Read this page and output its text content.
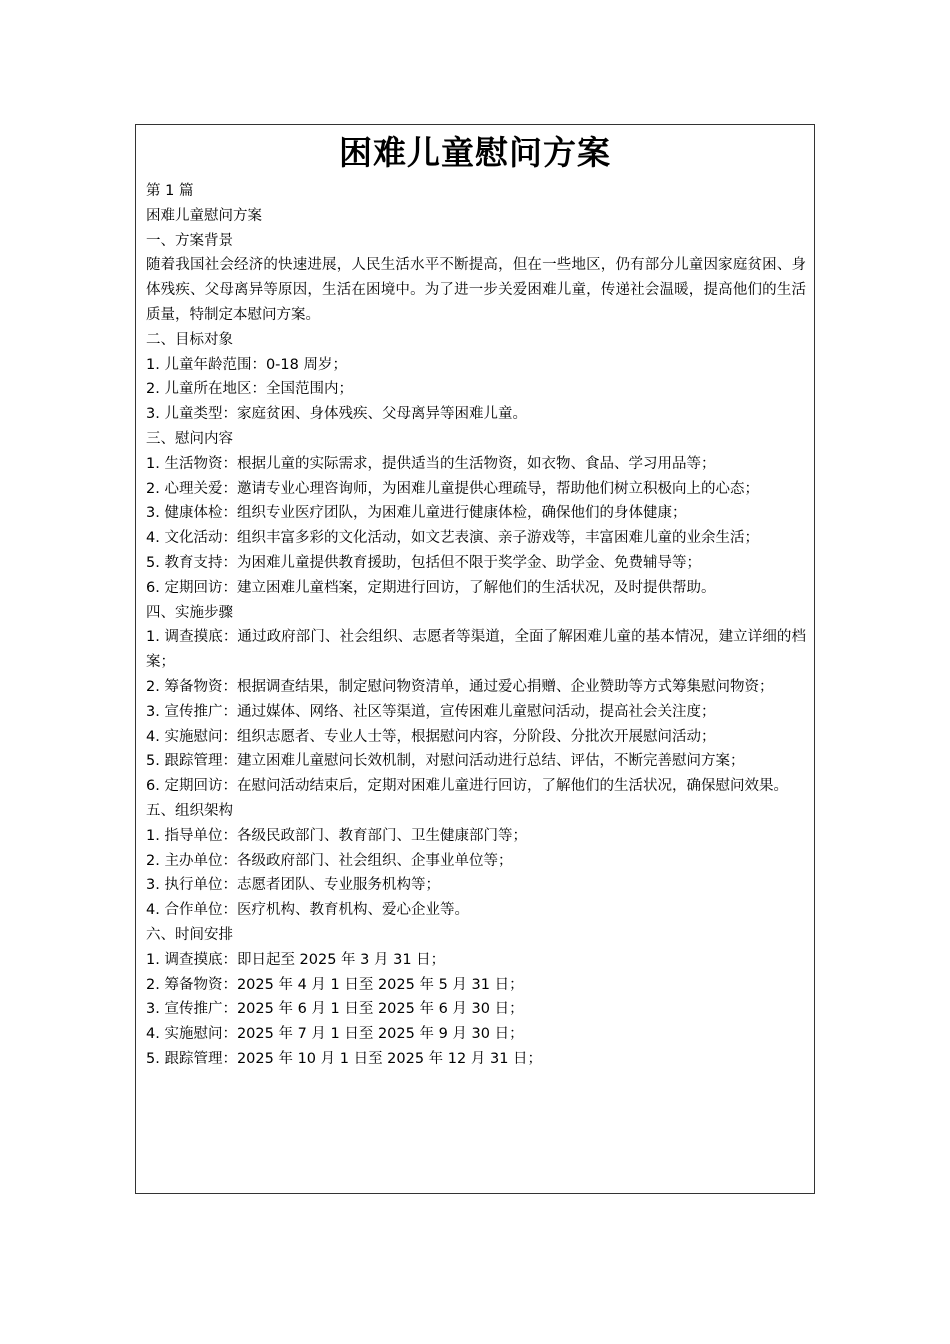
困难儿童慰问方案
第 1 篇
困难儿童慰问方案
一、方案背景
随着我国社会经济的快速进展，人民生活水平不断提高，但在一些地区，仍有部分儿童因家庭贫困、身体残疾、父母离异等原因，生活在困境中。为了进一步关爱困难儿童，传递社会温暖，提高他们的生活质量，特制定本慰问方案。
二、目标对象
1. 儿童年龄范围：0-18 周岁；
2. 儿童所在地区：全国范围内；
3. 儿童类型：家庭贫困、身体残疾、父母离异等困难儿童。
三、慰问内容
1. 生活物资：根据儿童的实际需求，提供适当的生活物资，如衣物、食品、学习用品等；
2. 心理关爱：邀请专业心理咨询师，为困难儿童提供心理疏导，帮助他们树立积极向上的心态；
3. 健康体检：组织专业医疗团队，为困难儿童进行健康体检，确保他们的身体健康；
4. 文化活动：组织丰富多彩的文化活动，如文艺表演、亲子游戏等，丰富困难儿童的业余生活；
5. 教育支持：为困难儿童提供教育援助，包括但不限于奖学金、助学金、免费辅导等；
6. 定期回访：建立困难儿童档案，定期进行回访，了解他们的生活状况，及时提供帮助。
四、实施步骤
1. 调查摸底：通过政府部门、社会组织、志愿者等渠道，全面了解困难儿童的基本情况，建立详细的档案；
2. 筹备物资：根据调查结果，制定慰问物资清单，通过爱心捐赠、企业赞助等方式筹集慰问物资；
3. 宣传推广：通过媒体、网络、社区等渠道，宣传困难儿童慰问活动，提高社会关注度；
4. 实施慰问：组织志愿者、专业人士等，根据慰问内容，分阶段、分批次开展慰问活动；
5. 跟踪管理：建立困难儿童慰问长效机制，对慰问活动进行总结、评估，不断完善慰问方案；
6. 定期回访：在慰问活动结束后，定期对困难儿童进行回访，了解他们的生活状况，确保慰问效果。
五、组织架构
1. 指导单位：各级民政部门、教育部门、卫生健康部门等；
2. 主办单位：各级政府部门、社会组织、企事业单位等；
3. 执行单位：志愿者团队、专业服务机构等；
4. 合作单位：医疗机构、教育机构、爱心企业等。
六、时间安排
1. 调查摸底：即日起至 2025 年 3 月 31 日；
2. 筹备物资：2025 年 4 月 1 日至 2025 年 5 月 31 日；
3. 宣传推广：2025 年 6 月 1 日至 2025 年 6 月 30 日；
4. 实施慰问：2025 年 7 月 1 日至 2025 年 9 月 30 日；
5. 跟踪管理：2025 年 10 月 1 日至 2025 年 12 月 31 日；
